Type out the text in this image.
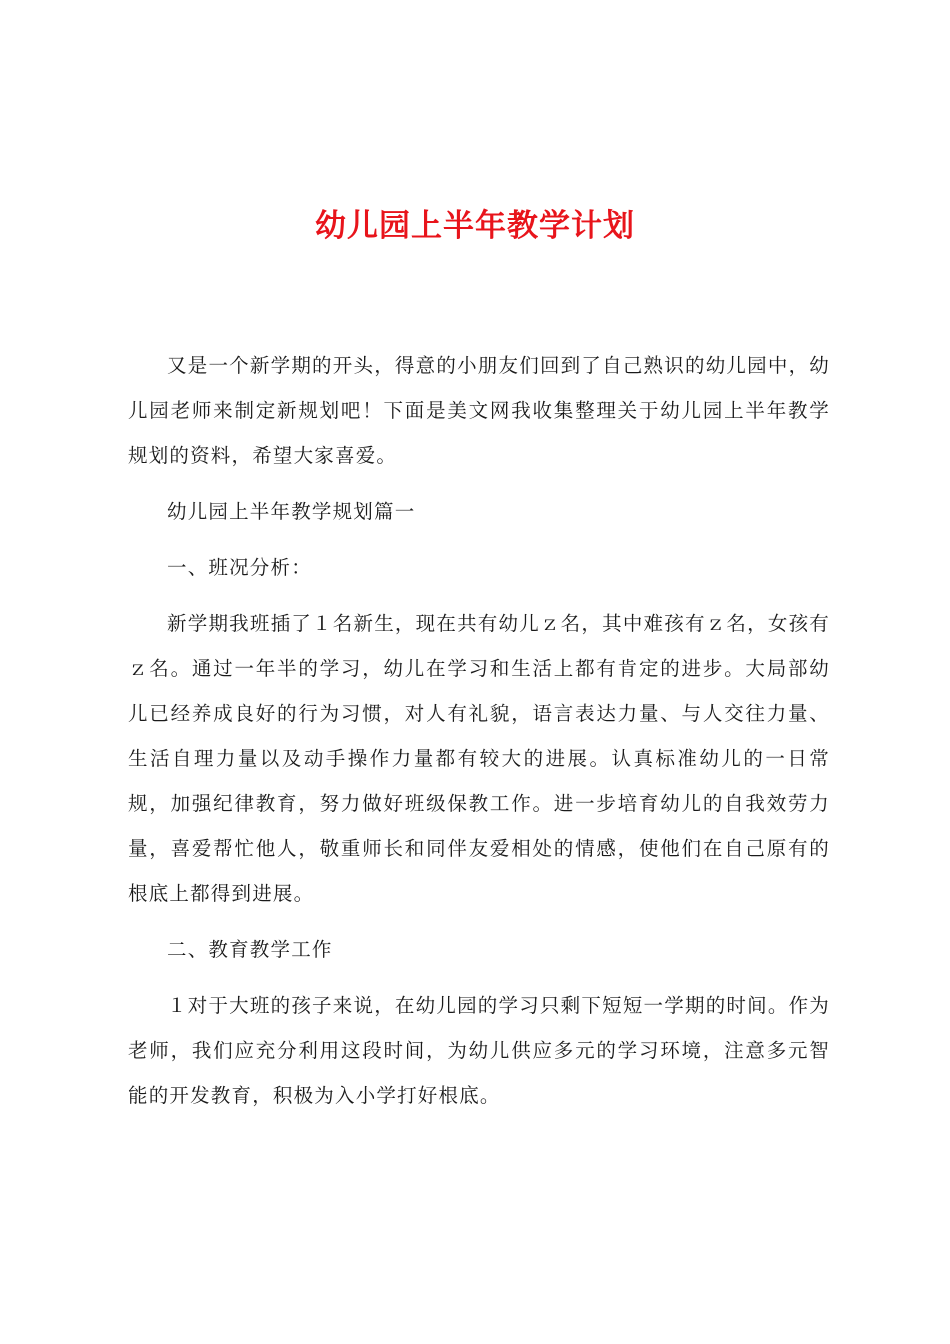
幼儿园上半年教学计划

又是一个新学期的开头，得意的小朋友们回到了自己熟识的幼儿园中，幼儿园老师来制定新规划吧！下面是美文网我收集整理关于幼儿园上半年教学规划的资料，希望大家喜爱。

幼儿园上半年教学规划篇一

一、班况分析：

新学期我班插了１名新生，现在共有幼儿ｚ名，其中难孩有ｚ名，女孩有ｚ名。通过一年半的学习，幼儿在学习和生活上都有肯定的进步。大局部幼儿已经养成良好的行为习惯，对人有礼貌，语言表达力量、与人交往力量、生活自理力量以及动手操作力量都有较大的进展。认真标准幼儿的一日常规，加强纪律教育，努力做好班级保教工作。进一步培育幼儿的自我效劳力量，喜爱帮忙他人，敬重师长和同伴友爱相处的情感，使他们在自己原有的根底上都得到进展。

二、教育教学工作

１对于大班的孩子来说，在幼儿园的学习只剩下短短一学期的时间。作为老师，我们应充分利用这段时间，为幼儿供应多元的学习环境，注意多元智能的开发教育，积极为入小学打好根底。
